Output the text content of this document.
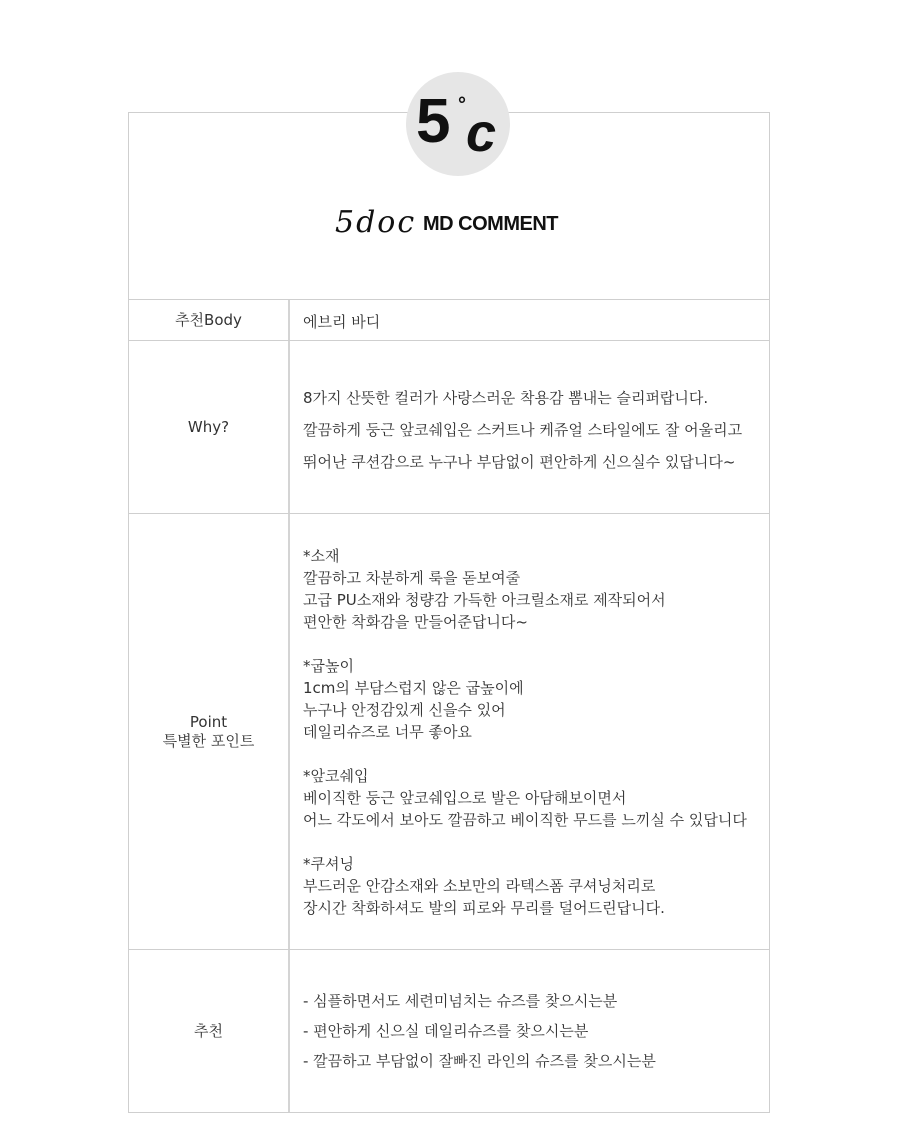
5 ° c
5doc MD COMMENT
추천Body	에브리 바디
Why?
8가지 산뜻한 컬러가 사랑스러운 착용감 뽐내는 슬리퍼랍니다.
깔끔하게 둥근 앞코쉐입은 스커트나 케쥬얼 스타일에도 잘 어울리고
뛰어난 쿠션감으로 누구나 부담없이 편안하게 신으실수 있답니다~
Point
특별한 포인트
*소재
깔끔하고 차분하게 룩을 돋보여줄
고급 PU소재와 청량감 가득한 아크릴소재로 제작되어서
편안한 착화감을 만들어준답니다~
*굽높이
1cm의 부담스럽지 않은 굽높이에
누구나 안정감있게 신을수 있어
데일리슈즈로 너무 좋아요
*앞코쉐입
베이직한 둥근 앞코쉐입으로 발은 아담해보이면서
어느 각도에서 보아도 깔끔하고 베이직한 무드를 느끼실 수 있답니다
*쿠셔닝
부드러운 안감소재와 소보만의 라텍스폼 쿠셔닝처리로
장시간 착화하셔도 발의 피로와 무리를 덜어드린답니다.
추천
- 심플하면서도 세련미넘치는 슈즈를 찾으시는분
- 편안하게 신으실 데일리슈즈를 찾으시는분
- 깔끔하고 부담없이 잘빠진 라인의 슈즈를 찾으시는분
